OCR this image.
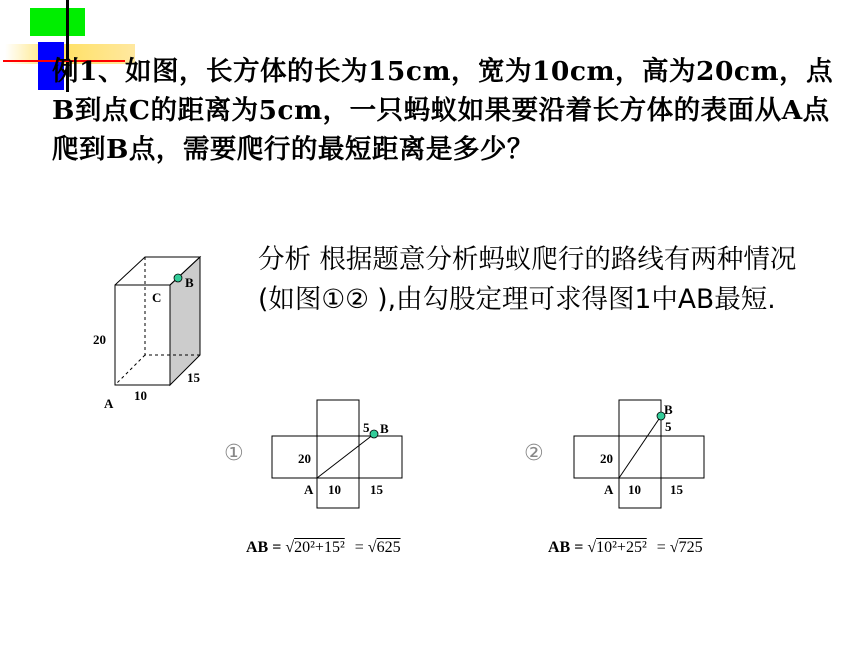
例1、如图，长方体的长为15cm，宽为10cm，高为20cm，点B到点C的距离为5cm，一只蚂蚁如果要沿着长方体的表面从A点爬到B点，需要爬行的最短距离是多少？
分析 根据题意分析蚂蚁爬行的路线有两种情况(如图①② ),由勾股定理可求得图1中AB最短.
B
C
20
15
10
A
①
5 B
20
A 10 15
②
B
5
20
A 10 15
AB = √20²+15² = √625	AB = √10²+25² = √725
